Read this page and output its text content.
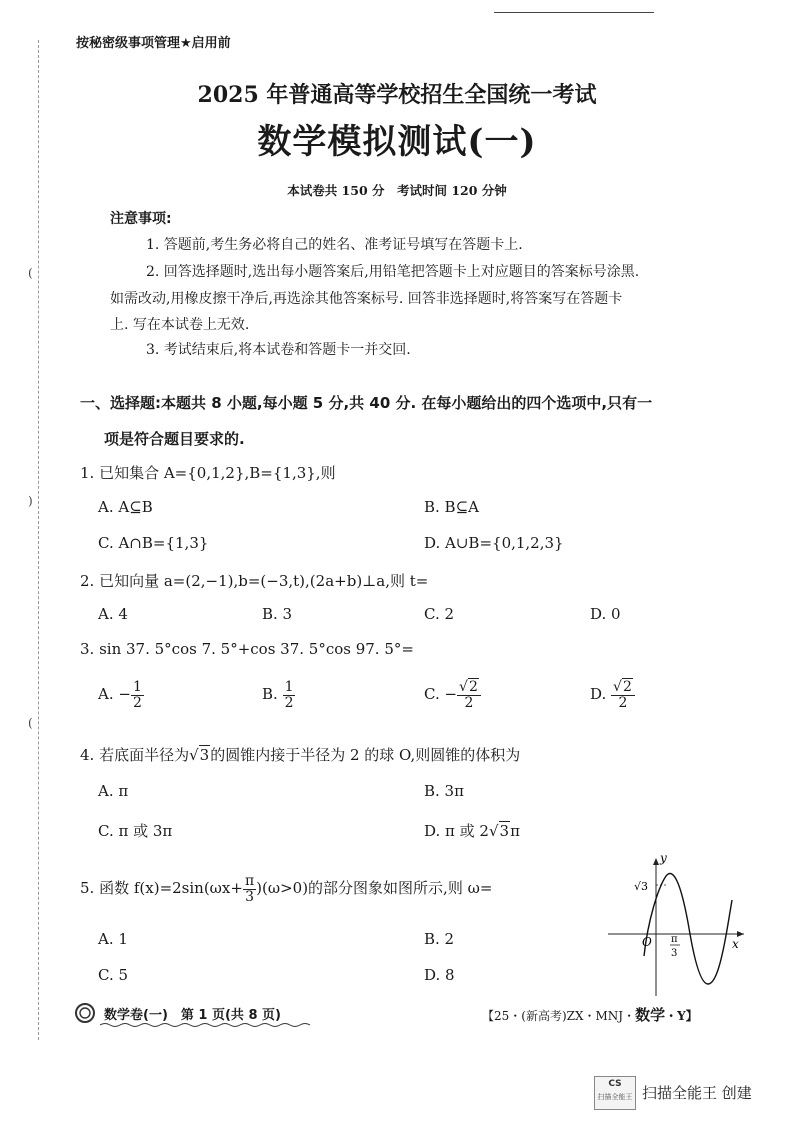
(
)
(
按秘密级事项管理★启用前
2025 年普通高等学校招生全国统一考试
数学模拟测试(一)
本试卷共 150 分　考试时间 120 分钟
注意事项:
1. 答题前,考生务必将自己的姓名、准考证号填写在答题卡上.
2. 回答选择题时,选出每小题答案后,用铅笔把答题卡上对应题目的答案标号涂黑.
如需改动,用橡皮擦干净后,再选涂其他答案标号. 回答非选择题时,将答案写在答题卡
上. 写在本试卷上无效.
3. 考试结束后,将本试卷和答题卡一并交回.
一、选择题:本题共 8 小题,每小题 5 分,共 40 分. 在每小题给出的四个选项中,只有一
项是符合题目要求的.
1. 已知集合 A={0,1,2},B={1,3},则
A. A⊆B	B. B⊆A
C. A∩B={1,3}	D. A∪B={0,1,2,3}
2. 已知向量 a=(2,−1),b=(−3,t),(2a+b)⊥a,则 t=
A. 4	B. 3	C. 2	D. 0
3. sin 37. 5°cos 7. 5°+cos 37. 5°cos 97. 5°=
A. − $\frac{1}{2}$	B. $\frac{1}{2}$	C. − $\frac{√2}{2}$	D. $\frac{√2}{2}$
4. 若底面半径为√3的圆锥内接于半径为 2 的球 O,则圆锥的体积为
A. π	B. 3π
C. π 或 3π	D. π 或 2√3π
5. 函数 $f(x)=2\sin(\omega x+ \frac{\pi}{3} )(\omega>0)$的部分图象如图所示,则 ω=
A. 1	B. 2
C. 5	D. 8
y
x
O
√3
π
3
数学卷(一)　第 1 页(共 8 页)	【25・(新高考)ZX・MNJ・数学・Y】
CS
扫描全能王 扫描全能王 创建
